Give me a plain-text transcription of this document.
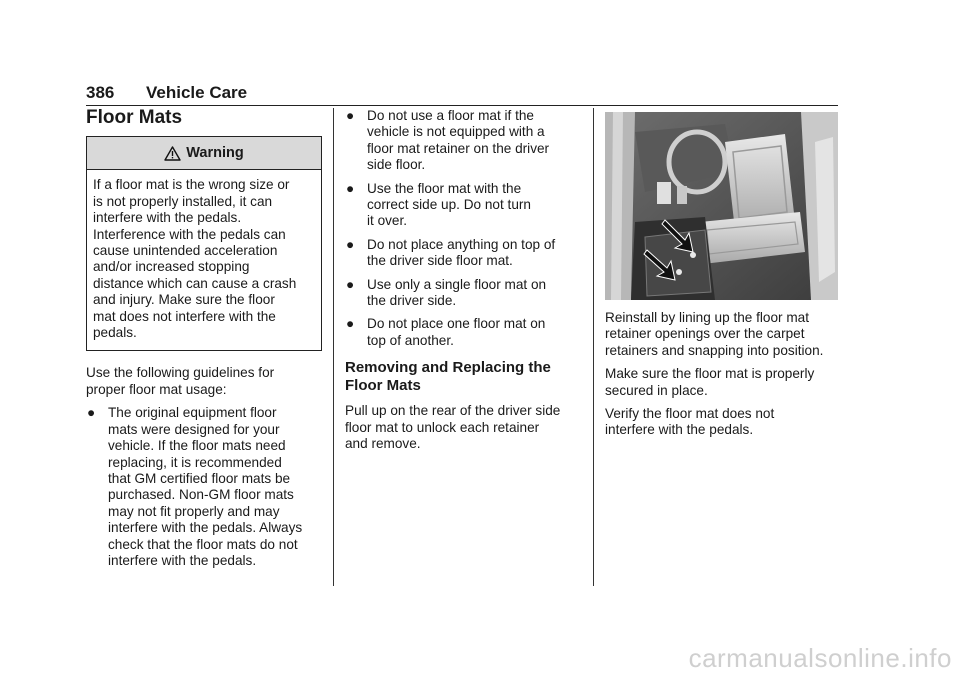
386 Vehicle Care
Floor Mats
Warning
If a floor mat is the wrong size or
is not properly installed, it can
interfere with the pedals.
Interference with the pedals can
cause unintended acceleration
and/or increased stopping
distance which can cause a crash
and injury. Make sure the floor
mat does not interfere with the
pedals.

Use the following guidelines for
proper floor mat usage:

● The original equipment floor
mats were designed for your
vehicle. If the floor mats need
replacing, it is recommended
that GM certified floor mats be
purchased. Non-GM floor mats
may not fit properly and may
interfere with the pedals. Always
check that the floor mats do not
interfere with the pedals.
● Do not use a floor mat if the
vehicle is not equipped with a
floor mat retainer on the driver
side floor.
● Use the floor mat with the
correct side up. Do not turn
it over.
● Do not place anything on top of
the driver side floor mat.
● Use only a single floor mat on
the driver side.
● Do not place one floor mat on
top of another.
Removing and Replacing the
Floor Mats

Pull up on the rear of the driver side
floor mat to unlock each retainer
and remove.

Reinstall by lining up the floor mat
retainer openings over the carpet
retainers and snapping into position.

Make sure the floor mat is properly
secured in place.

Verify the floor mat does not
interfere with the pedals.

carmanualsonline.info
